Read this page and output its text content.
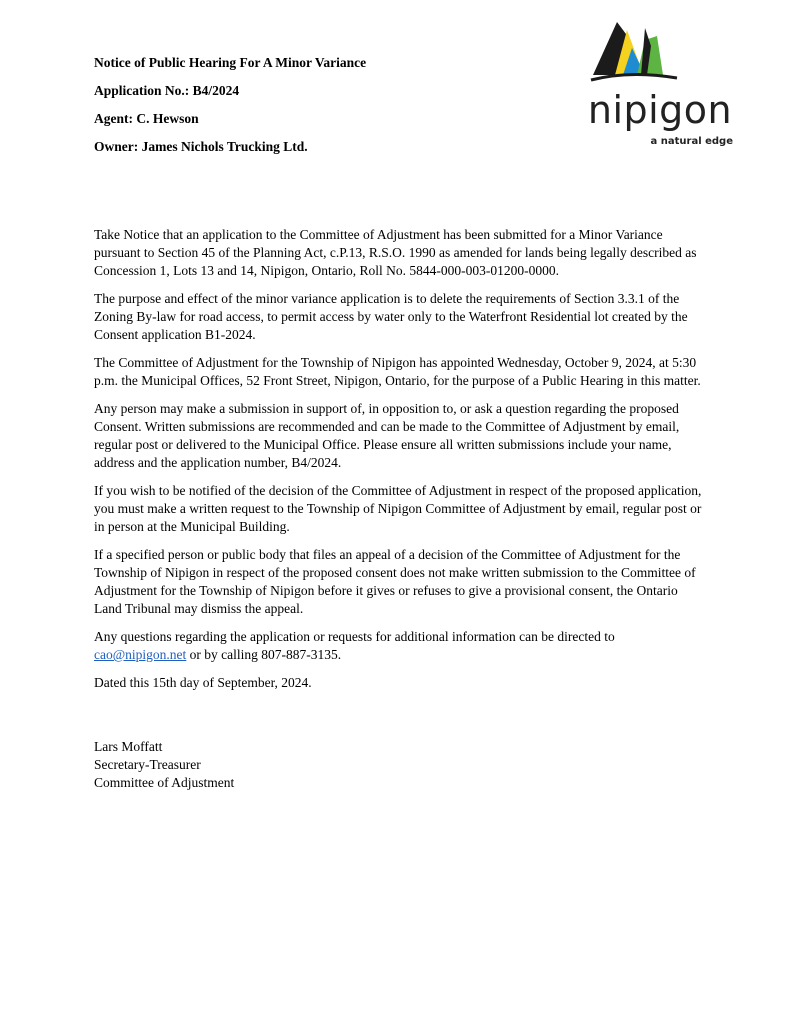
Notice of Public Hearing For A Minor Variance

Application No.: B4/2024

Agent: C. Hewson

Owner: James Nichols Trucking Ltd.

nipigon
a natural edge

Take Notice that an application to the Committee of Adjustment has been submitted for a Minor Variance pursuant to Section 45 of the Planning Act, c.P.13, R.S.O. 1990 as amended for lands being legally described as Concession 1, Lots 13 and 14, Nipigon, Ontario, Roll No. 5844-000-003-01200-0000.

The purpose and effect of the minor variance application is to delete the requirements of Section 3.3.1 of the Zoning By-law for road access, to permit access by water only to the Waterfront Residential lot created by the Consent application B1-2024.

The Committee of Adjustment for the Township of Nipigon has appointed Wednesday, October 9, 2024, at 5:30 p.m. the Municipal Offices, 52 Front Street, Nipigon, Ontario, for the purpose of a Public Hearing in this matter.

Any person may make a submission in support of, in opposition to, or ask a question regarding the proposed Consent. Written submissions are recommended and can be made to the Committee of Adjustment by email, regular post or delivered to the Municipal Office. Please ensure all written submissions include your name, address and the application number, B4/2024.

If you wish to be notified of the decision of the Committee of Adjustment in respect of the proposed application, you must make a written request to the Township of Nipigon Committee of Adjustment by email, regular post or in person at the Municipal Building.

If a specified person or public body that files an appeal of a decision of the Committee of Adjustment for the Township of Nipigon in respect of the proposed consent does not make written submission to the Committee of Adjustment for the Township of Nipigon before it gives or refuses to give a provisional consent, the Ontario Land Tribunal may dismiss the appeal.

Any questions regarding the application or requests for additional information can be directed to cao@nipigon.net or by calling 807-887-3135.

Dated this 15th day of September, 2024.

Lars Moffatt
Secretary-Treasurer
Committee of Adjustment
